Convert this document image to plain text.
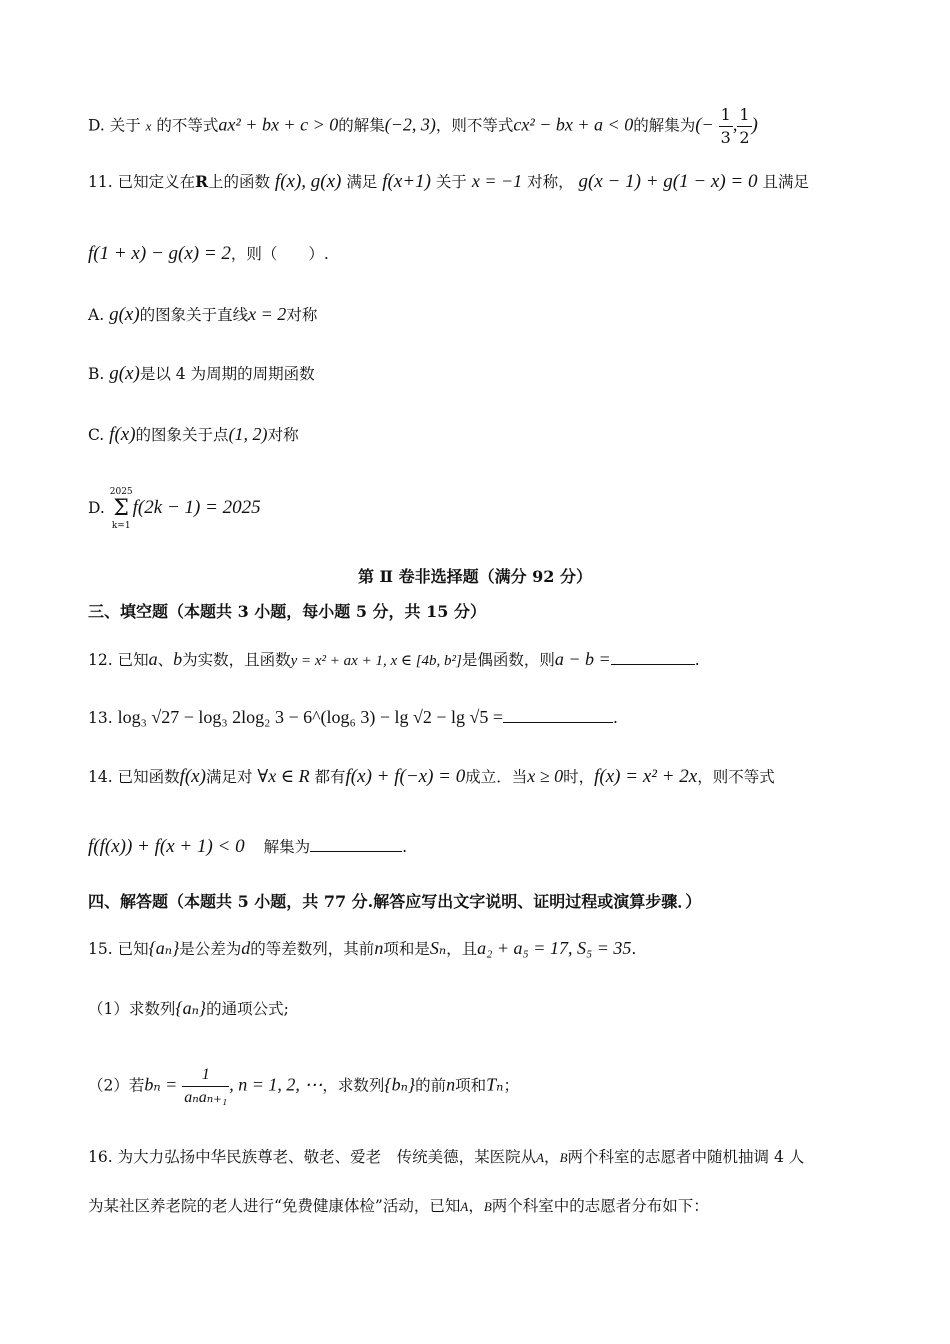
D. 关于 x 的不等式ax² + bx + c > 0的解集(−2, 3)，则不等式cx² − bx + a < 0的解集为(− $\frac{1}{3}$ , $\frac{1}{2}$ )
11. 已知定义在R上的函数 f(x), g(x) 满足 f(x+1) 关于 x = −1 对称， g(x − 1) + g(1 − x) = 0 且满足
f(1 + x) − g(x) = 2，则（　　）.
A. g(x)的图象关于直线x = 2对称
B. g(x)是以 4 为周期的周期函数
C. f(x)的图象关于点(1, 2)对称
D.
2025
Σ
k=1
f(2k − 1) = 2025
第 Ⅱ 卷非选择题（满分 92 分）
三、填空题（本题共 3 小题，每小题 5 分，共 15 分）
12. 已知a、b为实数，且函数y = x² + ax + 1, x ∈ [4b, b²]是偶函数，则a − b =	.
13. log₃ √27 − log₃ 2log₂ 3 − 6^(log₆ 3) − lg √2 − lg √5 =	.
14. 已知函数f(x)满足对 ∀x ∈ R 都有f(x) + f(−x) = 0成立．当x ≥ 0时，f(x) = x² + 2x，则不等式
f(f(x)) + f(x + 1) < 0 解集为	.
四、解答题（本题共 5 小题，共 77 分.解答应写出文字说明、证明过程或演算步骤．）
15. 已知{aₙ}是公差为d的等差数列，其前n项和是Sₙ，且a₂ + a₅ = 17, S₅ = 35.
（1）求数列{aₙ}的通项公式;
（2）若$b_n = \frac{1}{\text{aₙaₙ₊₁}}$ , n = 1, 2, ⋯，求数列{bₙ}的前n项和Tₙ；
16. 为大力弘扬中华民族尊老、敬老、爱老　传统美德，某医院从A，B两个科室的志愿者中随机抽调 4 人
为某社区养老院的老人进行“免费健康体检”活动，已知A，B两个科室中的志愿者分布如下：
